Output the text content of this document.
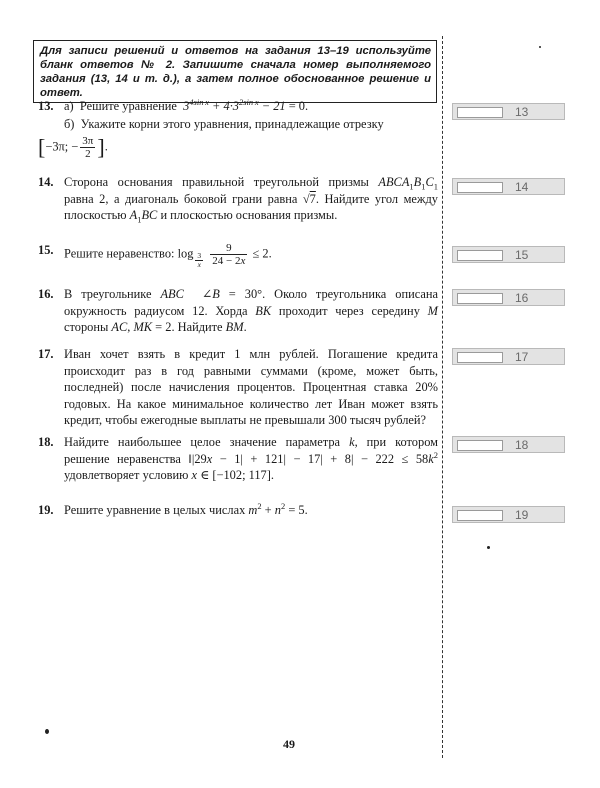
Для записи решений и ответов на задания 13–19 используйте бланк ответов № 2. Запишите сначала номер выполняемого задания (13, 14 и т. д.), а затем полное обоснованное решение и ответ.
13. а) Решите уравнение $3^{4sin x} + 4\cdot 3^{2sin x} - 21 = 0$.
б) Укажите корни этого уравнения, принадлежащие отрезку
[−3π; − $\frac{3\pi}{2}$ ].
14. Сторона основания правильной треугольной призмы $ABCA_1B_1C_1$ равна 2, а диагональ боковой грани равна √7. Найдите угол между плоскостью $A_1BC$ и плоскостью основания призмы.
15. Решите неравенство: log $_{\frac{3}{x}}$
$\frac{9}{24 - 2x} \le 2$.
16. В треугольнике ABC  ∠B = 30°. Около треугольника описана окружность радиусом 12. Хорда BK проходит через середину M стороны AC, MK = 2. Найдите BM.
17. Иван хочет взять в кредит 1 млн рублей. Погашение кредита происходит раз в год равными суммами (кроме, может быть, последней) после начисления процентов. Процентная ставка 20% годовых. На какое минимальное количество лет Иван может взять кредит, чтобы ежегодные выплаты не превышали 300 тысяч рублей?
18. Найдите наибольшее целое значение параметра k, при котором решение неравенства ‖|29x − $1| + 121| - 17| + 8| - 222 \le 58k^2$ удовлетворяет условию x ∈ [−102; 117].
19. Решите уравнение в целых числах $m^2 + n^2 = 5$.
13
14
15
16
17
18
19
49
